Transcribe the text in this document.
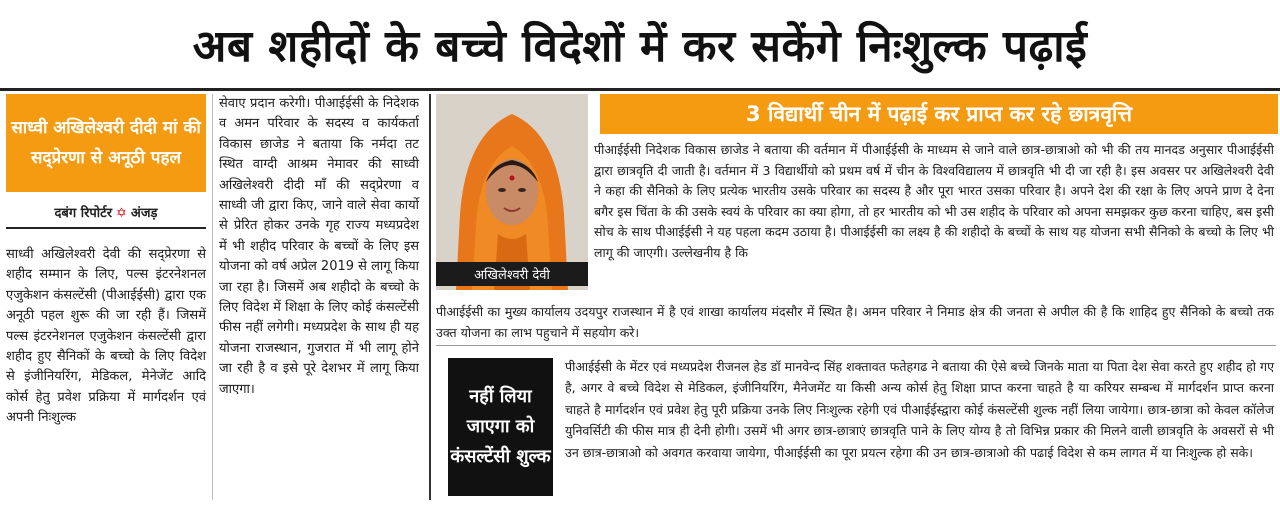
अब शहीदों के बच्चे विदेशों में कर सकेंगे निःशुल्क पढ़ाई
साध्वी अखिलेश्वरी दीदी मां की सद्प्रेरणा से अनूठी पहल
दबंग रिपोर्टर ✡ अंजड़
साध्वी अखिलेश्वरी देवी की सद्प्रेरणा से शहीद सम्मान के लिए, पल्स इंटरनेशनल एजुकेशन कंसल्टेंसी (पीआईईसी) द्वारा एक अनूठी पहल शुरू की जा रही हैं। जिसमें पल्स इंटरनेशनल एजुकेशन कंसल्टेंसी द्वारा शहीद हुए सैनिकों के बच्चो के लिए विदेश से इंजीनियरिंग, मेडिकल, मेनेजेंट आदि कोर्स हेतु प्रवेश प्रक्रिया में मार्गदर्शन एवं अपनी निःशुल्क
सेवाए प्रदान करेगी। पीआईईसी के निदेशक व अमन परिवार के सदस्य व कार्यकर्ता विकास छाजेड ने बताया कि नर्मदा तट स्थित वाग्दी आश्रम नेमावर की साध्वी अखिलेश्वरी दीदी माँ की सद्प्रेरणा व साध्वी जी द्वारा किए, जाने वाले सेवा कार्यो से प्रेरित होकर उनके गृह राज्य मध्यप्रदेश में भी शहीद परिवार के बच्चों के लिए इस योजना को वर्ष अप्रेल 2019 से लागू किया जा रहा है। जिसमें अब शहीदो के बच्चो के लिए विदेश में शिक्षा के लिए कोई कंसल्टेंसी फीस नहीं लगेगी। मध्यप्रदेश के साथ ही यह योजना राजस्थान, गुजरात में भी लागू होने जा रही है व इसे पूरे देशभर में लागू किया जाएगा।
3 विद्यार्थी चीन में पढ़ाई कर प्राप्त कर रहे छात्रवृत्ति
अखिलेश्वरी देवी
पीआईईसी निदेशक विकास छाजेड ने बताया की वर्तमान में पीआईईसी के माध्यम से जाने वाले छात्र-छात्राओ को भी की तय मानदड अनुसार पीआईईसी द्वारा छात्रवृति दी जाती है। वर्तमान में 3 विद्यार्थीयो को प्रथम वर्ष में चीन के विश्वविद्यालय में छात्रवृति भी दी जा रही है। इस अवसर पर अखिलेश्वरी देवी ने कहा की सैनिको के लिए प्रत्येक भारतीय उसके परिवार का सदस्य है और पूरा भारत उसका परिवार है। अपने देश की रक्षा के लिए अपने प्राण दे देना बगैर इस चिंता के की उसके स्वयं के परिवार का क्या होगा, तो हर भारतीय को भी उस शहीद के परिवार को अपना समझकर कुछ करना चाहिए, बस इसी सोच के साथ पीआईईसी ने यह पहला कदम उठाया है। पीआईईसी का लक्ष्य है की शहीदो के बच्चों के साथ यह योजना सभी सैनिको के बच्चो के लिए भी लागू की जाएगी। उल्लेखनीय है कि
पीआईईसी का मुख्य कार्यालय उदयपुर राजस्थान में है एवं शाखा कार्यालय मंदसौर में स्थित है। अमन परिवार ने निमाड क्षेत्र की जनता से अपील की है कि शाहिद हुए सैनिको के बच्चो तक उक्त योजना का लाभ पहुचाने में सहयोग करे।
नहीं लिया जाएगा को कंसल्टेंसी शुल्क
पीआईईसी के मेंटर एवं मध्यप्रदेश रीजनल हेड डॉ मानवेन्द सिंह शक्तावत फतेहगढ ने बताया की ऐसे बच्चे जिनके माता या पिता देश सेवा करते हुए शहीद हो गए है, अगर वे बच्चे विदेश से मेडिकल, इंजीनियरिंग, मैनेजमेंट या किसी अन्य कोर्स हेतु शिक्षा प्राप्त करना चाहते है या करियर सम्बन्ध में मार्गदर्शन प्राप्त करना चाहते है मार्गदर्शन एवं प्रवेश हेतु पूरी प्रक्रिया उनके लिए निःशुल्क रहेगी एवं पीआईईस्द्वारा कोई कंसल्टेंसी शुल्क नहीं लिया जायेगा। छात्र-छात्रा को केवल कॉलेज युनिवर्सिटी की फीस मात्र ही देनी होगी। उसमें भी अगर छात्र-छात्राएं छात्रवृति पाने के लिए योग्य है तो विभिन्न प्रकार की मिलने वाली छात्रवृति के अवसरों से भी उन छात्र-छात्राओ को अवगत करवाया जायेगा, पीआईईसी का पूरा प्रयत्न रहेगा की उन छात्र-छात्राओ की पढाई विदेश से कम लागत में या निःशुल्क हो सके।
